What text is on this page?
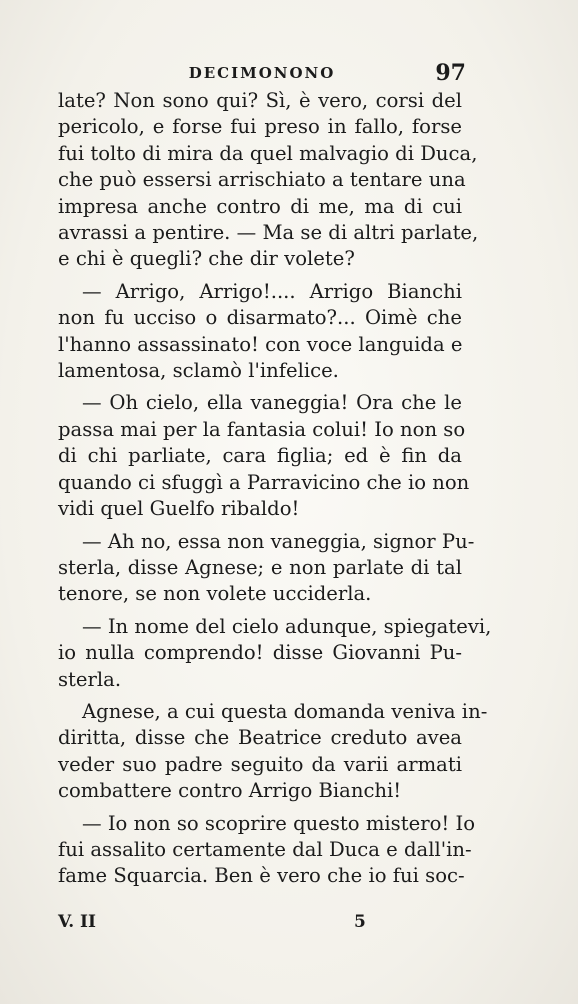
DECIMONONO	97

late? Non sono qui? Sì, è vero, corsi del
pericolo, e forse fui preso in fallo, forse
fui tolto di mira da quel malvagio di Duca,
che può essersi arrischiato a tentare una
impresa anche contro di me, ma di cui
avrassi a pentire. — Ma se di altri parlate,
e chi è quegli? che dir volete?

— Arrigo, Arrigo!.... Arrigo Bianchi
non fu ucciso o disarmato?... Oimè che
l'hanno assassinato! con voce languida e
lamentosa, sclamò l'infelice.

— Oh cielo, ella vaneggia! Ora che le
passa mai per la fantasia colui! Io non so
di chi parliate, cara figlia; ed è fin da
quando ci sfuggì a Parravicino che io non
vidi quel Guelfo ribaldo!

— Ah no, essa non vaneggia, signor Pu-
sterla, disse Agnese; e non parlate di tal
tenore, se non volete ucciderla.

— In nome del cielo adunque, spiegatevi,
io nulla comprendo! disse Giovanni Pu-
sterla.

Agnese, a cui questa domanda veniva in-
diritta, disse che Beatrice creduto avea
veder suo padre seguito da varii armati
combattere contro Arrigo Bianchi!

— Io non so scoprire questo mistero! Io
fui assalito certamente dal Duca e dall'in-
fame Squarcia. Ben è vero che io fui soc-

V. II	5
